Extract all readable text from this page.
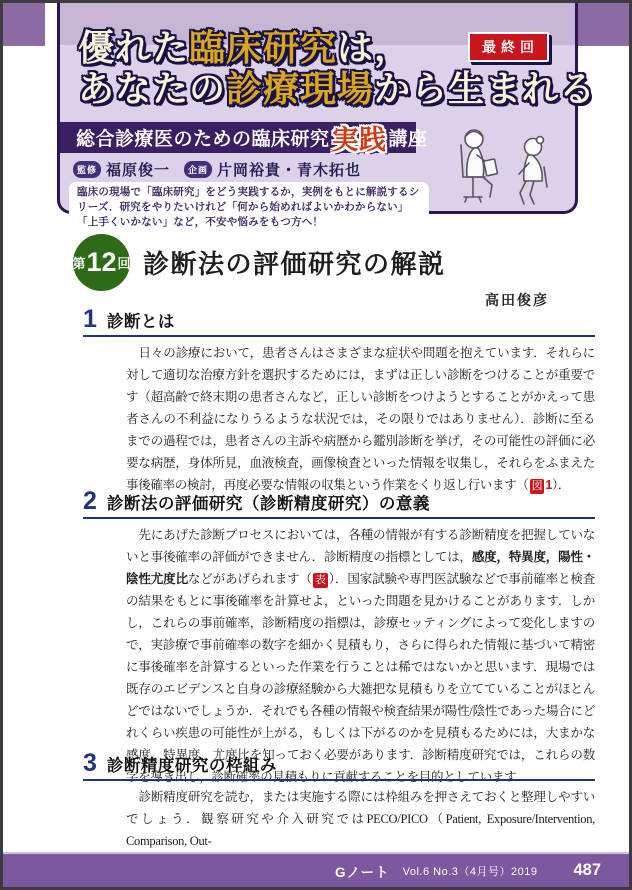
優れた臨床研究は，
あなたの診療現場から生まれる
最終回
総合診療医のための臨床研究 実践 講座
監修 福原俊一	企画 片岡裕貴・青木拓也
臨床の現場で「臨床研究」をどう実践するか，実例をもとに解説するシリーズ．研究をやりたいけれど「何から始めればよいかわからない」「上手くいかない」など，不安や悩みをもつ方へ！
第 12 回 診断法の評価研究の解説
高田俊彦
1 診断とは
日々の診療において，患者さんはさまざまな症状や問題を抱えています．それらに対して適切な治療方針を選択するためには，まずは正しい診断をつけることが重要です（超高齢で終末期の患者さんなど，正しい診断をつけようとすることがかえって患者さんの不利益になりうるような状況では，その限りではありません）．診断に至るまでの過程では，患者さんの主訴や病歴から鑑別診断を挙げ，その可能性の評価に必要な病歴，身体所見，血液検査，画像検査といった情報を収集し，それらをふまえた事後確率の検討，再度必要な情報の収集という作業をくり返し行います（ 図 1）．
2 診断法の評価研究（診断精度研究）の意義
先にあげた診断プロセスにおいては，各種の情報が有する診断精度を把握していないと事後確率の評価ができません．診断精度の指標としては，感度，特異度，陽性・陰性尤度比などがあげられます（ 表 ）．国家試験や専門医試験などで事前確率と検査の結果をもとに事後確率を計算せよ，といった問題を見かけることがあります．しかし，これらの事前確率，診断精度の指標は，診療セッティングによって変化しますので，実診療で事前確率の数字を細かく見積もり，さらに得られた情報に基づいて精密に事後確率を計算するといった作業を行うことは稀ではないかと思います．現場では既存のエビデンスと自身の診療経験から大雑把な見積もりを立てていることがほとんどではないでしょうか．それでも各種の情報や検査結果が陽性/陰性であった場合にどれくらい疾患の可能性が上がる，もしくは下がるのかを見積もるためには，大まかな感度，特異度，尤度比を知っておく必要があります．診断精度研究では，これらの数字を導き出し，診断確率の見積もりに貢献することを目的としています．
3 診断精度研究の枠組み
診断精度研究を読む，または実施する際には枠組みを押さえておくと整理しやすいでしょう．観察研究や介入研究ではPECO/PICO（Patient, Exposure/Intervention, Comparison, Out-
Gノート Vol.6 No.3（4月号）2019 487
